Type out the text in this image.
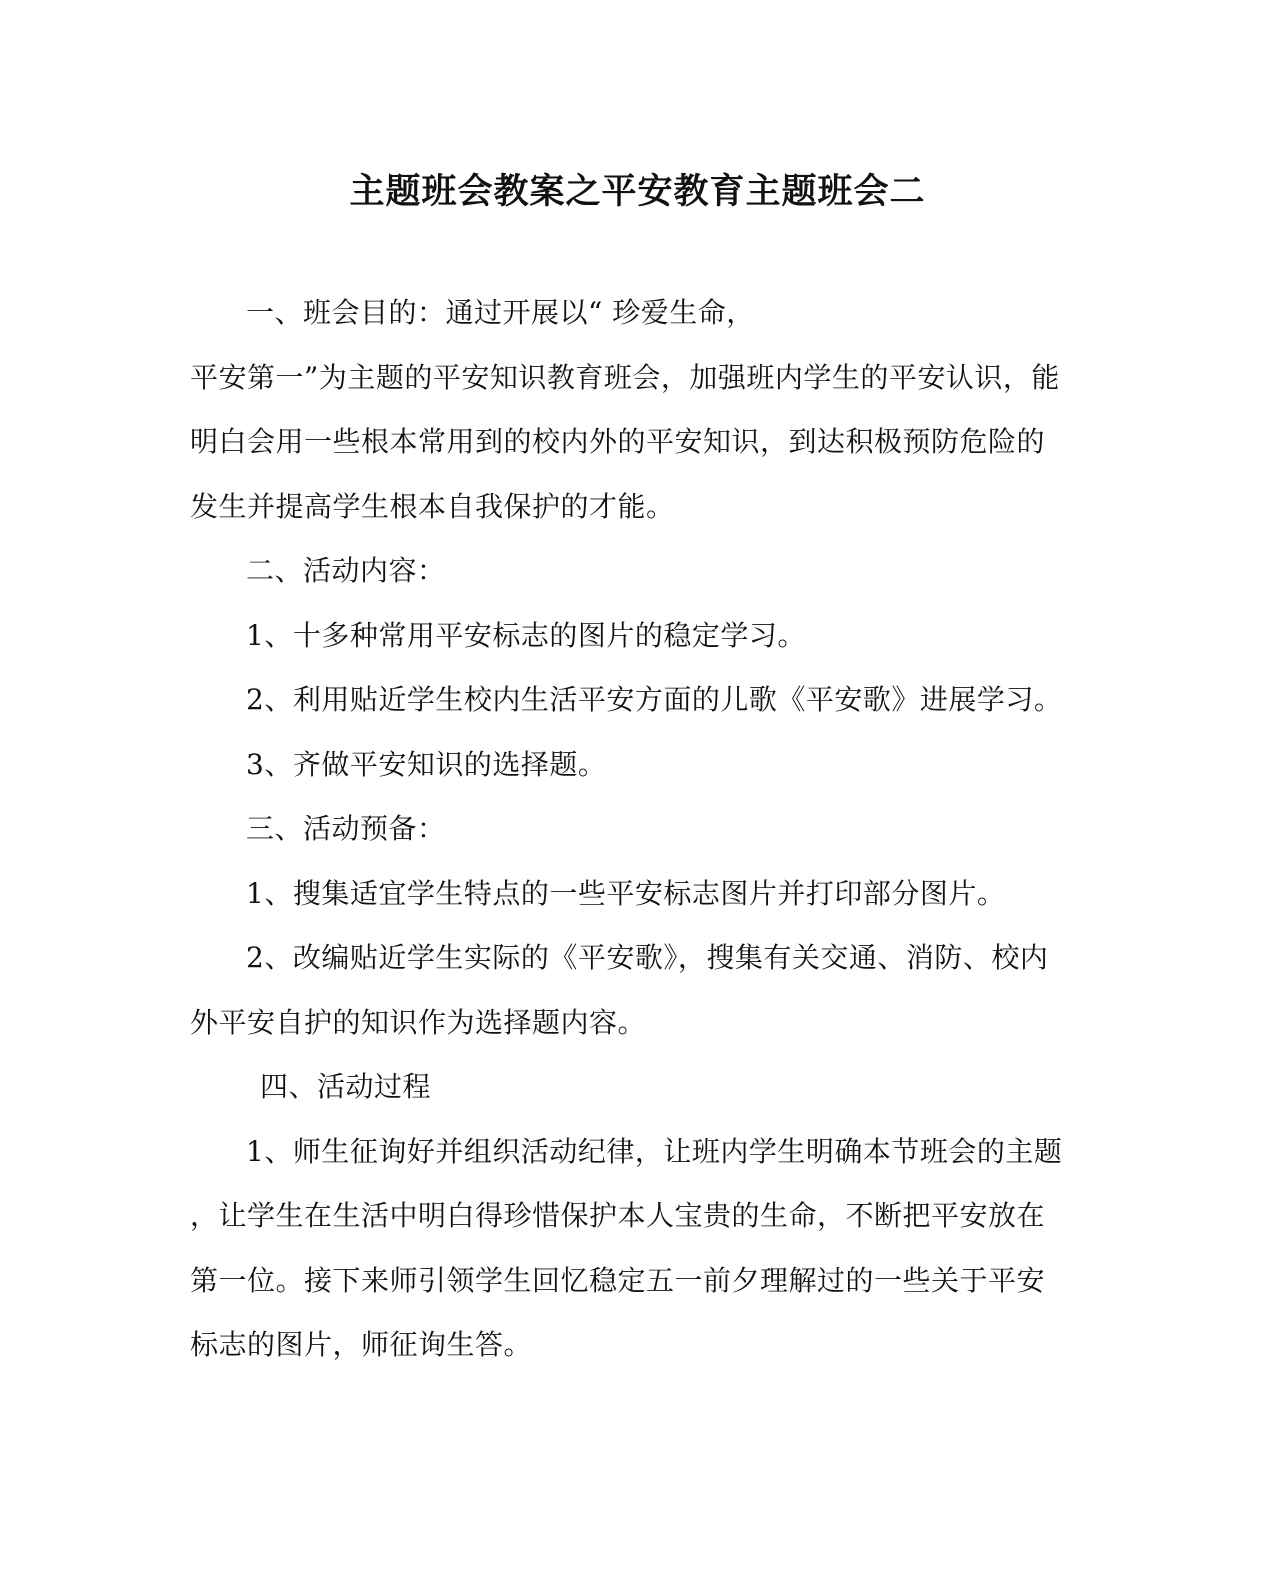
主题班会教案之平安教育主题班会二
一、班会目的：通过开展以“ 珍爱生命，
平安第一”为主题的平安知识教育班会，加强班内学生的平安认识，能
明白会用一些根本常用到的校内外的平安知识，到达积极预防危险的
发生并提高学生根本自我保护的才能。
二、活动内容：
1、十多种常用平安标志的图片的稳定学习。
2、利用贴近学生校内生活平安方面的儿歌《平安歌》进展学习。
3、齐做平安知识的选择题。
三、活动预备：
1、搜集适宜学生特点的一些平安标志图片并打印部分图片。
2、改编贴近学生实际的《平安歌》，搜集有关交通、消防、校内
外平安自护的知识作为选择题内容。
四、活动过程
1、师生征询好并组织活动纪律，让班内学生明确本节班会的主题
，让学生在生活中明白得珍惜保护本人宝贵的生命，不断把平安放在
第一位。接下来师引领学生回忆稳定五一前夕理解过的一些关于平安
标志的图片，师征询生答。
